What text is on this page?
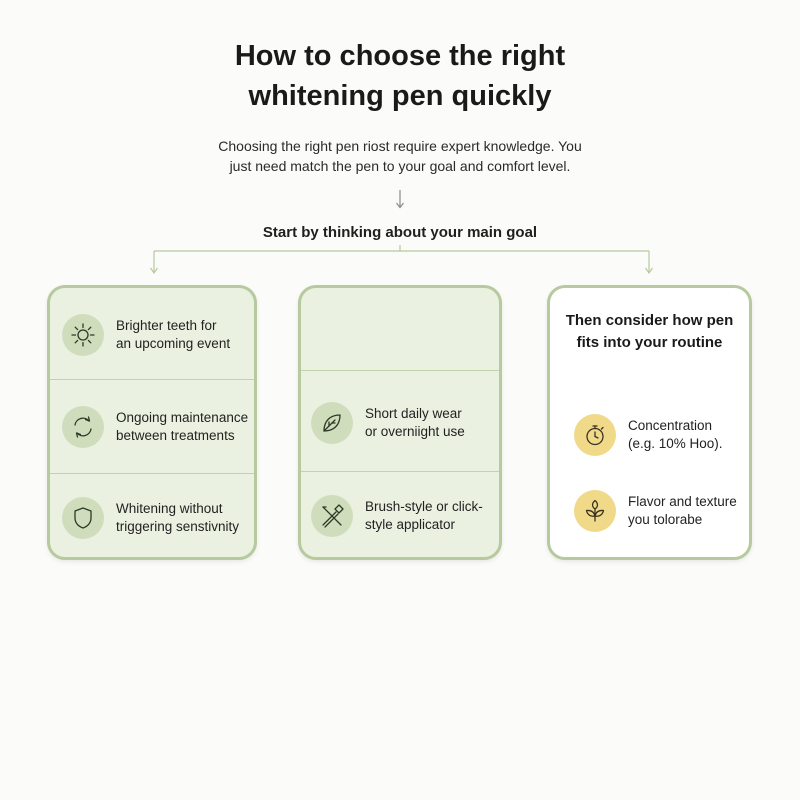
How to choose the right
whitening pen quickly
Choosing the right pen riost require expert knowledge. You
just need match the pen to your goal and comfort level.
Start by thinking about your main goal
Brighter teeth for
an upcoming event
Ongoing maintenance
between treatments
Whitening without
triggering senstivnity
Short daily wear
or overniight use
Brush-style or click-
style applicator
Then consider how pen
fits into your routine
Concentration
(e.g. 10% Hoo).
Flavor and texture
you tolorabe
